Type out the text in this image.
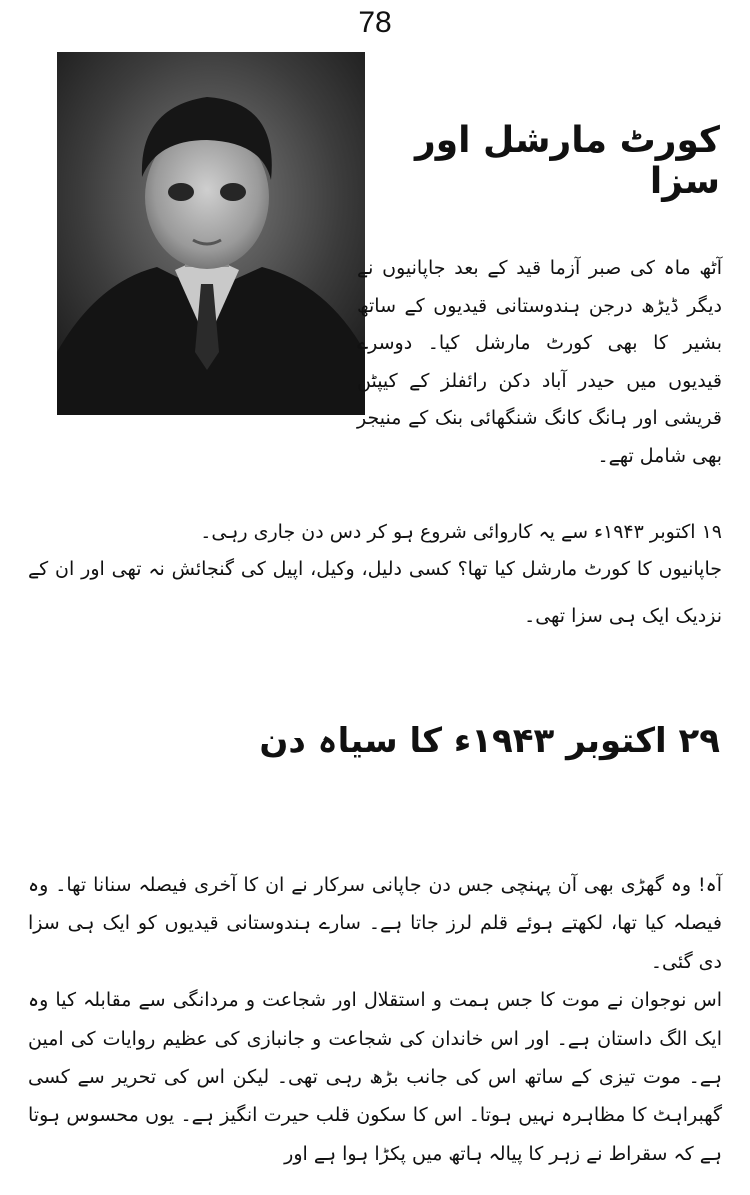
78
کورٹ مارشل اور سزا

آٹھ ماہ کی صبر آزما قید کے بعد جاپانیوں نے دیگر ڈیڑھ درجن ہندوستانی قیدیوں کے ساتھ بشیر کا بھی کورٹ مارشل کیا۔ دوسرے قیدیوں میں حیدر آباد دکن رائفلز کے کیپٹن قریشی اور ہانگ کانگ شنگھائی بنک کے منیجر بھی شامل تھے۔

۱۹ اکتوبر ۱۹۴۳ء سے یہ کاروائی شروع ہو کر دس دن جاری رہی۔

جاپانیوں کا کورٹ مارشل کیا تھا؟ کسی دلیل، وکیل، اپیل کی گنجائش نہ تھی اور ان کے نزدیک ایک ہی سزا تھی۔

۲۹ اکتوبر ۱۹۴۳ء کا سیاہ دن

آہ! وہ گھڑی بھی آن پہنچی جس دن جاپانی سرکار نے ان کا آخری فیصلہ سنانا تھا۔ وہ فیصلہ کیا تھا، لکھتے ہوئے قلم لرز جاتا ہے۔ سارے ہندوستانی قیدیوں کو ایک ہی سزا دی گئی۔

اس نوجوان نے موت کا جس ہمت و استقلال اور شجاعت و مردانگی سے مقابلہ کیا وہ ایک الگ داستان ہے۔ اور اس خاندان کی شجاعت و جانبازی کی عظیم روایات کی امین ہے۔ موت تیزی کے ساتھ اس کی جانب بڑھ رہی تھی۔ لیکن اس کی تحریر سے کسی گھبراہٹ کا مظاہرہ نہیں ہوتا۔ اس کا سکون قلب حیرت انگیز ہے۔ یوں محسوس ہوتا ہے کہ سقراط نے زہر کا پیالہ ہاتھ میں پکڑا ہوا ہے اور
